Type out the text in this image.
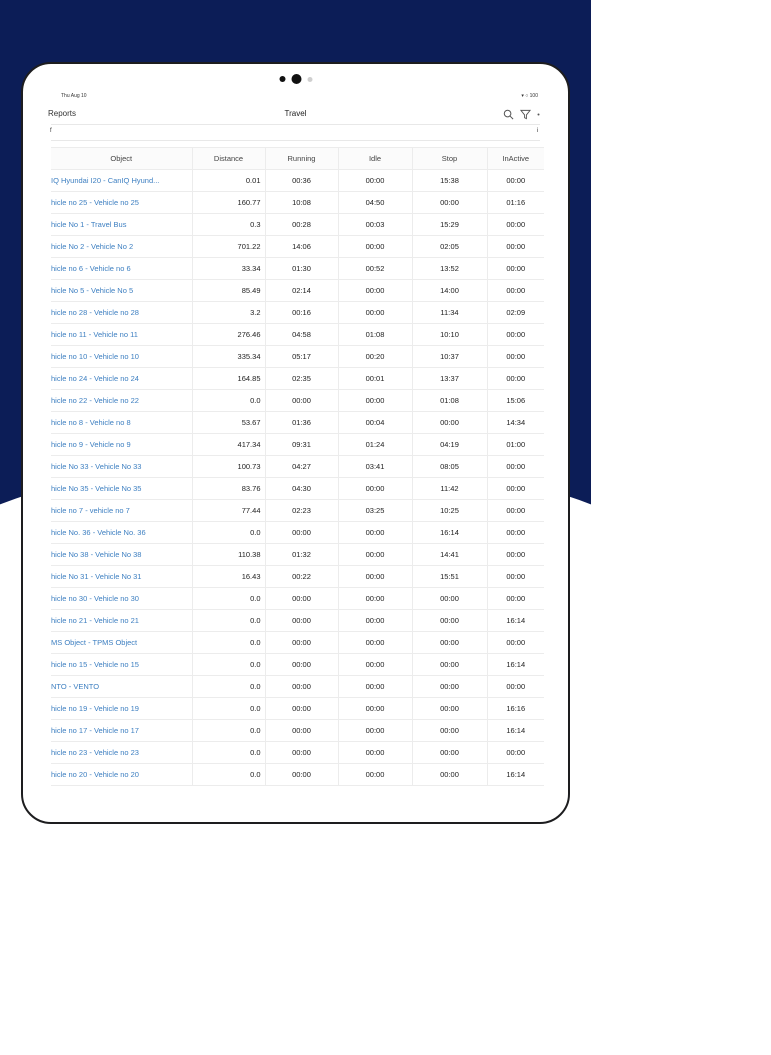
Thu Aug 10	▾ ○ 100
Reports	Travel
f	i
Object	Distance	Running	Idle	Stop	InActive
IQ Hyundai I20 - CanIQ Hyund...	0.01	00:36	00:00	15:38	00:00
hicle no 25 - Vehicle no 25	160.77	10:08	04:50	00:00	01:16
hicle No 1 - Travel Bus	0.3	00:28	00:03	15:29	00:00
hicle No 2 - Vehicle No 2	701.22	14:06	00:00	02:05	00:00
hicle no 6 - Vehicle no 6	33.34	01:30	00:52	13:52	00:00
hicle No 5 - Vehicle No 5	85.49	02:14	00:00	14:00	00:00
hicle no 28 - Vehicle no 28	3.2	00:16	00:00	11:34	02:09
hicle no 11 - Vehicle no 11	276.46	04:58	01:08	10:10	00:00
hicle no 10 - Vehicle no 10	335.34	05:17	00:20	10:37	00:00
hicle no 24 - Vehicle no 24	164.85	02:35	00:01	13:37	00:00
hicle no 22 - Vehicle no 22	0.0	00:00	00:00	01:08	15:06
hicle no 8 - Vehicle no 8	53.67	01:36	00:04	00:00	14:34
hicle no 9 - Vehicle no 9	417.34	09:31	01:24	04:19	01:00
hicle No 33 - Vehicle No 33	100.73	04:27	03:41	08:05	00:00
hicle No 35 - Vehicle No 35	83.76	04:30	00:00	11:42	00:00
hicle no 7 - vehicle no 7	77.44	02:23	03:25	10:25	00:00
hicle No. 36 - Vehicle No. 36	0.0	00:00	00:00	16:14	00:00
hicle No 38 - Vehicle No 38	110.38	01:32	00:00	14:41	00:00
hicle No 31 - Vehicle No 31	16.43	00:22	00:00	15:51	00:00
hicle no 30 - Vehicle no 30	0.0	00:00	00:00	00:00	00:00
hicle no 21 - Vehicle no 21	0.0	00:00	00:00	00:00	16:14
MS Object - TPMS Object	0.0	00:00	00:00	00:00	00:00
hicle no 15 - Vehicle no 15	0.0	00:00	00:00	00:00	16:14
NTO - VENTO	0.0	00:00	00:00	00:00	00:00
hicle no 19 - Vehicle no 19	0.0	00:00	00:00	00:00	16:16
hicle no 17 - Vehicle no 17	0.0	00:00	00:00	00:00	16:14
hicle no 23 - Vehicle no 23	0.0	00:00	00:00	00:00	00:00
hicle no 20 - Vehicle no 20	0.0	00:00	00:00	00:00	16:14
